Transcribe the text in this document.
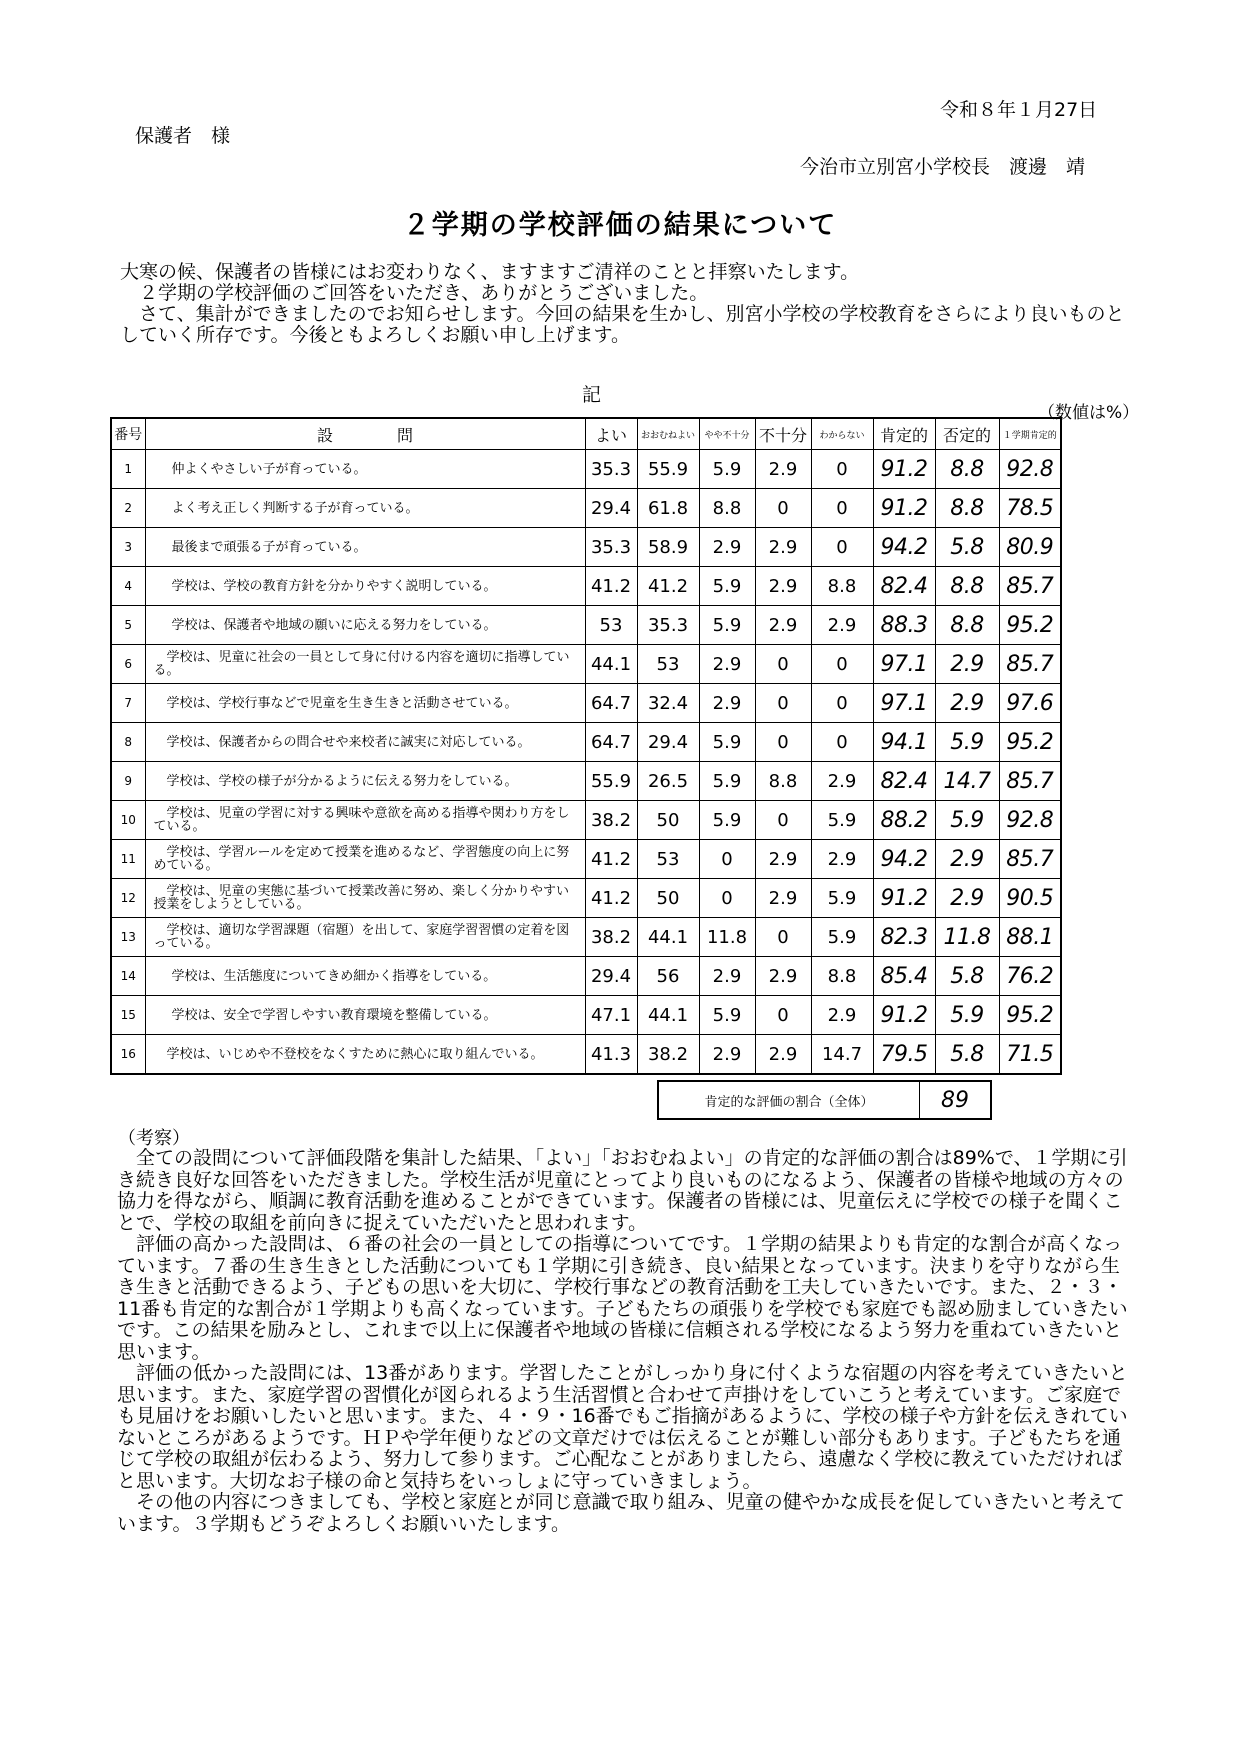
令和８年１月27日
保護者　様
今治市立別宮小学校長　渡邊　靖
２学期の学校評価の結果について

大寒の候、保護者の皆様にはお変わりなく、ますますご清祥のことと拝察いたします。

２学期の学校評価のご回答をいただき、ありがとうございました。

さて、集計ができましたのでお知らせします。今回の結果を生かし、別宮小学校の学校教育をさらにより良いものとしていく所存です。今後ともよろしくお願い申し上げます。

記
（数値は%）
番号	設　　　　問	よい	おおむねよい	やや不十分	不十分	わからない	肯定的	否定的	１学期肯定的
1	仲よくやさしい子が育っている。	35.3	55.9	5.9	2.9	0	91.2	8.8	92.8
2	よく考え正しく判断する子が育っている。	29.4	61.8	8.8	0	0	91.2	8.8	78.5
3	最後まで頑張る子が育っている。	35.3	58.9	2.9	2.9	0	94.2	5.8	80.9
4	学校は、学校の教育方針を分かりやすく説明している。	41.2	41.2	5.9	2.9	8.8	82.4	8.8	85.7
5	学校は、保護者や地域の願いに応える努力をしている。	53	35.3	5.9	2.9	2.9	88.3	8.8	95.2
6	　学校は、児童に社会の一員として身に付ける内容を適切に指導している。	44.1	53	2.9	0	0	97.1	2.9	85.7
7	　学校は、学校行事などで児童を生き生きと活動させている。	64.7	32.4	2.9	0	0	97.1	2.9	97.6
8	　学校は、保護者からの問合せや来校者に誠実に対応している。	64.7	29.4	5.9	0	0	94.1	5.9	95.2
9	　学校は、学校の様子が分かるように伝える努力をしている。	55.9	26.5	5.9	8.8	2.9	82.4	14.7	85.7
10	　学校は、児童の学習に対する興味や意欲を高める指導や関わり方をしている。	38.2	50	5.9	0	5.9	88.2	5.9	92.8
11	　学校は、学習ルールを定めて授業を進めるなど、学習態度の向上に努めている。	41.2	53	0	2.9	2.9	94.2	2.9	85.7
12	　学校は、児童の実態に基づいて授業改善に努め、楽しく分かりやすい授業をしようとしている。	41.2	50	0	2.9	5.9	91.2	2.9	90.5
13	　学校は、適切な学習課題（宿題）を出して、家庭学習習慣の定着を図っている。	38.2	44.1	11.8	0	5.9	82.3	11.8	88.1
14	学校は、生活態度についてきめ細かく指導をしている。	29.4	56	2.9	2.9	8.8	85.4	5.8	76.2
15	学校は、安全で学習しやすい教育環境を整備している。	47.1	44.1	5.9	0	2.9	91.2	5.9	95.2
16	　学校は、いじめや不登校をなくすために熱心に取り組んでいる。	41.3	38.2	2.9	2.9	14.7	79.5	5.8	71.5
肯定的な評価の割合（全体）	89
（考察）

全ての設問について評価段階を集計した結果、「よい」「おおむねよい」の肯定的な評価の割合は89%で、１学期に引き続き良好な回答をいただきました。学校生活が児童にとってより良いものになるよう、保護者の皆様や地域の方々の協力を得ながら、順調に教育活動を進めることができています。保護者の皆様には、児童伝えに学校での様子を聞くことで、学校の取組を前向きに捉えていただいたと思われます。

評価の高かった設問は、６番の社会の一員としての指導についてです。１学期の結果よりも肯定的な割合が高くなっています。７番の生き生きとした活動についても１学期に引き続き、良い結果となっています。決まりを守りながら生き生きと活動できるよう、子どもの思いを大切に、学校行事などの教育活動を工夫していきたいです。また、２・３・11番も肯定的な割合が１学期よりも高くなっています。子どもたちの頑張りを学校でも家庭でも認め励ましていきたいです。この結果を励みとし、これまで以上に保護者や地域の皆様に信頼される学校になるよう努力を重ねていきたいと思います。

評価の低かった設問には、13番があります。学習したことがしっかり身に付くような宿題の内容を考えていきたいと思います。また、家庭学習の習慣化が図られるよう生活習慣と合わせて声掛けをしていこうと考えています。ご家庭でも見届けをお願いしたいと思います。また、４・９・16番でもご指摘があるように、学校の様子や方針を伝えきれていないところがあるようです。ＨＰや学年便りなどの文章だけでは伝えることが難しい部分もあります。子どもたちを通じて学校の取組が伝わるよう、努力して参ります。ご心配なことがありましたら、遠慮なく学校に教えていただければと思います。大切なお子様の命と気持ちをいっしょに守っていきましょう。

その他の内容につきましても、学校と家庭とが同じ意識で取り組み、児童の健やかな成長を促していきたいと考えています。３学期もどうぞよろしくお願いいたします。
